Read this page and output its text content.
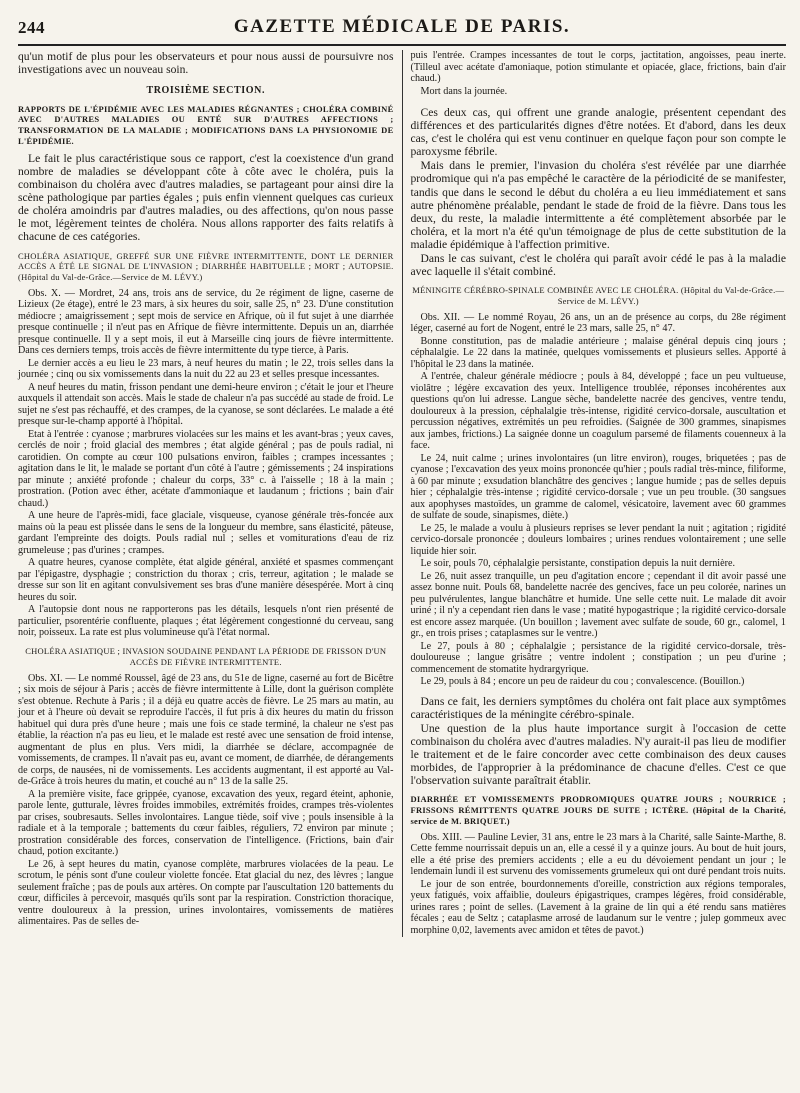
244	GAZETTE MÉDICALE DE PARIS.

qu'un motif de plus pour les observateurs et pour nous aussi de poursuivre nos investigations avec un nouveau soin.

TROISIÈME SECTION.
RAPPORTS DE L'ÉPIDÉMIE AVEC LES MALADIES RÉGNANTES ; CHOLÉRA COMBINÉ AVEC D'AUTRES MALADIES OU ENTÉ SUR D'AUTRES AFFECTIONS ; TRANSFORMATION DE LA MALADIE ; MODIFICATIONS DANS LA PHYSIONOMIE DE L'ÉPIDÉMIE.

Le fait le plus caractéristique sous ce rapport, c'est la coexistence d'un grand nombre de maladies se développant côte à côte avec le choléra, puis la combinaison du choléra avec d'autres maladies, se partageant pour ainsi dire la scène pathologique par parties égales ; puis enfin viennent quelques cas curieux de choléra amoindris par d'autres maladies, ou des affections, qu'on nous passe le mot, légèrement teintes de choléra. Nous allons rapporter des faits relatifs à chacune de ces catégories.

CHOLÉRA ASIATIQUE, GREFFÉ SUR UNE FIÈVRE INTERMITTENTE, DONT LE DERNIER ACCÈS A ÉTÉ LE SIGNAL DE L'INVASION ; DIARRHÉE HABITUELLE ; MORT ; AUTOPSIE. (Hôpital du Val-de-Grâce.—Service de M. LÉVY.)

Obs. X. — Mordret, 24 ans, trois ans de service, du 2e régiment de ligne, caserne de Lizieux (2e étage), entré le 23 mars, à six heures du soir, salle 25, n° 23. D'une constitution médiocre ; amaigrissement ; sept mois de service en Afrique, où il fut sujet à une diarrhée presque continuelle ; il n'eut pas en Afrique de fièvre intermittente. Depuis un an, diarrhée presque continuelle. Il y a sept mois, il eut à Marseille cinq jours de fièvre intermittente. Dans ces derniers temps, trois accès de fièvre intermittente du type tierce, à Paris.

Le dernier accès a eu lieu le 23 mars, à neuf heures du matin ; le 22, trois selles dans la journée ; cinq ou six vomissements dans la nuit du 22 au 23 et selles presque incessantes.

A neuf heures du matin, frisson pendant une demi-heure environ ; c'était le jour et l'heure auxquels il attendait son accès. Mais le stade de chaleur n'a pas succédé au stade de froid. Le sujet ne s'est pas réchauffé, et des crampes, de la cyanose, se sont déclarées. Le malade a été presque sur-le-champ apporté à l'hôpital.

Etat à l'entrée : cyanose ; marbrures violacées sur les mains et les avant-bras ; yeux caves, cerclés de noir ; froid glacial des membres ; état algide général ; pas de pouls radial, ni carotidien. On compte au cœur 100 pulsations environ, faibles ; crampes incessantes ; agitation dans le lit, le malade se portant d'un côté à l'autre ; gémissements ; 24 inspirations par minute ; anxiété profonde ; chaleur du corps, 33° c. à l'aisselle ; 18 à la main ; prostration. (Potion avec éther, acétate d'ammoniaque et laudanum ; frictions ; bain d'air chaud.)

A une heure de l'après-midi, face glaciale, visqueuse, cyanose générale très-foncée aux mains où la peau est plissée dans le sens de la longueur du membre, sans élasticité, pâteuse, gardant l'empreinte des doigts. Pouls radial nul ; selles et vomiturations d'eau de riz grumeleuse ; pas d'urines ; crampes.

A quatre heures, cyanose complète, état algide général, anxiété et spasmes commençant par l'épigastre, dysphagie ; constriction du thorax ; cris, terreur, agitation ; le malade se dresse sur son lit en agitant convulsivement ses bras d'une manière désespérée. Mort à cinq heures du soir.

A l'autopsie dont nous ne rapporterons pas les détails, lesquels n'ont rien présenté de particulier, psorentérie confluente, plaques ; état légèrement congestionné du cerveau, sang noir, poisseux. La rate est plus volumineuse qu'à l'état normal.

CHOLÉRA ASIATIQUE ; INVASION SOUDAINE PENDANT LA PÉRIODE DE FRISSON D'UN ACCÈS DE FIÈVRE INTERMITTENTE.

Obs. XI. — Le nommé Roussel, âgé de 23 ans, du 51e de ligne, caserné au fort de Bicêtre ; six mois de séjour à Paris ; accès de fièvre intermittente à Lille, dont la guérison complète s'est obtenue. Rechute à Paris ; il a déjà eu quatre accès de fièvre. Le 25 mars au matin, au jour et à l'heure où devait se reproduire l'accès, il fut pris à dix heures du matin du frisson habituel qui dura près d'une heure ; mais une fois ce stade terminé, la chaleur ne s'est pas établie, la réaction n'a pas eu lieu, et le malade est resté avec une sensation de froid intense, augmentant de plus en plus. Vers midi, la diarrhée se déclare, accompagnée de vomissements, de crampes. Il n'avait pas eu, avant ce moment, de diarrhée, de dérangements de corps, de nausées, ni de vomissements. Les accidents augmentant, il est apporté au Val-de-Grâce à trois heures du matin, et couché au n° 13 de la salle 25.

A la première visite, face grippée, cyanose, excavation des yeux, regard éteint, aphonie, parole lente, gutturale, lèvres froides immobiles, extrémités froides, crampes très-violentes par crises, soubresauts. Selles involontaires. Langue tiède, soif vive ; pouls insensible à la radiale et à la temporale ; battements du cœur faibles, réguliers, 72 environ par minute ; prostration considérable des forces, conservation de l'intelligence. (Frictions, bain d'air chaud, potion excitante.)

Le 26, à sept heures du matin, cyanose complète, marbrures violacées de la peau. Le scrotum, le pénis sont d'une couleur violette foncée. Etat glacial du nez, des lèvres ; langue seulement fraîche ; pas de pouls aux artères. On compte par l'auscultation 120 battements du cœur, difficiles à percevoir, masqués qu'ils sont par la respiration. Constriction thoracique, ventre douloureux à la pression, urines involontaires, vomissements de matières alimentaires. Pas de selles de-

puis l'entrée. Crampes incessantes de tout le corps, jactitation, angoisses, peau inerte. (Tilleul avec acétate d'amoniaque, potion stimulante et opiacée, glace, frictions, bain d'air chaud.)

Mort dans la journée.

Ces deux cas, qui offrent une grande analogie, présentent cependant des différences et des particularités dignes d'être notées. Et d'abord, dans les deux cas, c'est le choléra qui est venu continuer en quelque façon pour son compte le paroxysme fébrile.

Mais dans le premier, l'invasion du choléra s'est révélée par une diarrhée prodromique qui n'a pas empêché le caractère de la périodicité de se manifester, tandis que dans le second le début du choléra a eu lieu immédiatement et sans autre phénomène préalable, pendant le stade de froid de la fièvre. Dans tous les deux, du reste, la maladie intermittente a été complètement absorbée par le choléra, et la mort n'a été qu'un témoignage de plus de cette substitution de la maladie épidémique à l'affection primitive.

Dans le cas suivant, c'est le choléra qui paraît avoir cédé le pas à la maladie avec laquelle il s'était combiné.

MÉNINGITE CÉRÉBRO-SPINALE COMBINÉE AVEC LE CHOLÉRA. (Hôpital du Val-de-Grâce.—Service de M. LÉVY.)

Obs. XII. — Le nommé Royau, 26 ans, un an de présence au corps, du 28e régiment léger, caserné au fort de Nogent, entré le 23 mars, salle 25, n° 47.

Bonne constitution, pas de maladie antérieure ; malaise général depuis cinq jours ; céphalalgie. Le 22 dans la matinée, quelques vomissements et plusieurs selles. Apporté à l'hôpital le 23 dans la matinée.

A l'entrée, chaleur générale médiocre ; pouls à 84, développé ; face un peu vultueuse, violâtre ; légère excavation des yeux. Intelligence troublée, réponses incohérentes aux questions qu'on lui adresse. Langue sèche, bandelette nacrée des gencives, ventre tendu, douloureux à la pression, céphalalgie très-intense, rigidité cervico-dorsale, auscultation et percussion négatives, extrémités un peu refroidies. (Saignée de 300 grammes, sinapismes aux jambes, frictions.) La saignée donne un coagulum parsemé de filaments couenneux à la face.

Le 24, nuit calme ; urines involontaires (un litre environ), rouges, briquetées ; pas de cyanose ; l'excavation des yeux moins prononcée qu'hier ; pouls radial très-mince, filiforme, à 60 par minute ; exsudation blanchâtre des gencives ; langue humide ; pas de selles depuis hier ; céphalalgie très-intense ; rigidité cervico-dorsale ; vue un peu trouble. (30 sangsues aux apophyses mastoïdes, un gramme de calomel, vésicatoire, lavement avec 60 grammes de sulfate de soude, sinapismes, diète.)

Le 25, le malade a voulu à plusieurs reprises se lever pendant la nuit ; agitation ; rigidité cervico-dorsale prononcée ; douleurs lombaires ; urines rendues volontairement ; une selle liquide hier soir.

Le soir, pouls 70, céphalalgie persistante, constipation depuis la nuit dernière.

Le 26, nuit assez tranquille, un peu d'agitation encore ; cependant il dit avoir passé une assez bonne nuit. Pouls 68, bandelette nacrée des gencives, face un peu colorée, narines un peu pulvérulentes, langue blanchâtre et humide. Une selle cette nuit. Le malade dit avoir uriné ; il n'y a cependant rien dans le vase ; matité hypogastrique ; la rigidité cervico-dorsale est encore assez marquée. (Un bouillon ; lavement avec sulfate de soude, 60 gr., calomel, 1 gr., en trois prises ; cataplasmes sur le ventre.)

Le 27, pouls à 80 ; céphalalgie ; persistance de la rigidité cervico-dorsale, très-douloureuse ; langue grisâtre ; ventre indolent ; constipation ; un peu d'urine ; commencement de stomatite hydrargyrique.

Le 29, pouls à 84 ; encore un peu de raideur du cou ; convalescence. (Bouillon.)

Dans ce fait, les derniers symptômes du choléra ont fait place aux symptômes caractéristiques de la méningite cérébro-spinale.

Une question de la plus haute importance surgit à l'occasion de cette combinaison du choléra avec d'autres maladies. N'y aurait-il pas lieu de modifier le traitement et de le faire concorder avec cette combinaison des deux causes morbides, de l'approprier à la prédominance de chacune d'elles. C'est ce que l'observation suivante paraîtrait établir.

DIARRHÉE ET VOMISSEMENTS PRODROMIQUES QUATRE JOURS ; NOURRICE ; FRISSONS RÉMITTENTS QUATRE JOURS DE SUITE ; ICTÈRE. (Hôpital de la Charité, service de M. BRIQUET.)

Obs. XIII. — Pauline Levier, 31 ans, entre le 23 mars à la Charité, salle Sainte-Marthe, 8. Cette femme nourrissait depuis un an, elle a cessé il y a quinze jours. Au bout de huit jours, elle a été prise des premiers accidents ; elle a eu du dévoiement pendant un jour ; le lendemain lundi il est survenu des vomissements grumeleux qui ont duré pendant trois nuits.

Le jour de son entrée, bourdonnements d'oreille, constriction aux régions temporales, yeux fatigués, voix affaiblie, douleurs épigastriques, crampes légères, froid considérable, urines rares ; point de selles. (Lavement à la graine de lin qui a été rendu sans matières fécales ; eau de Seltz ; cataplasme arrosé de laudanum sur le ventre ; julep gommeux avec morphine 0,02, lavements avec amidon et têtes de pavot.)
